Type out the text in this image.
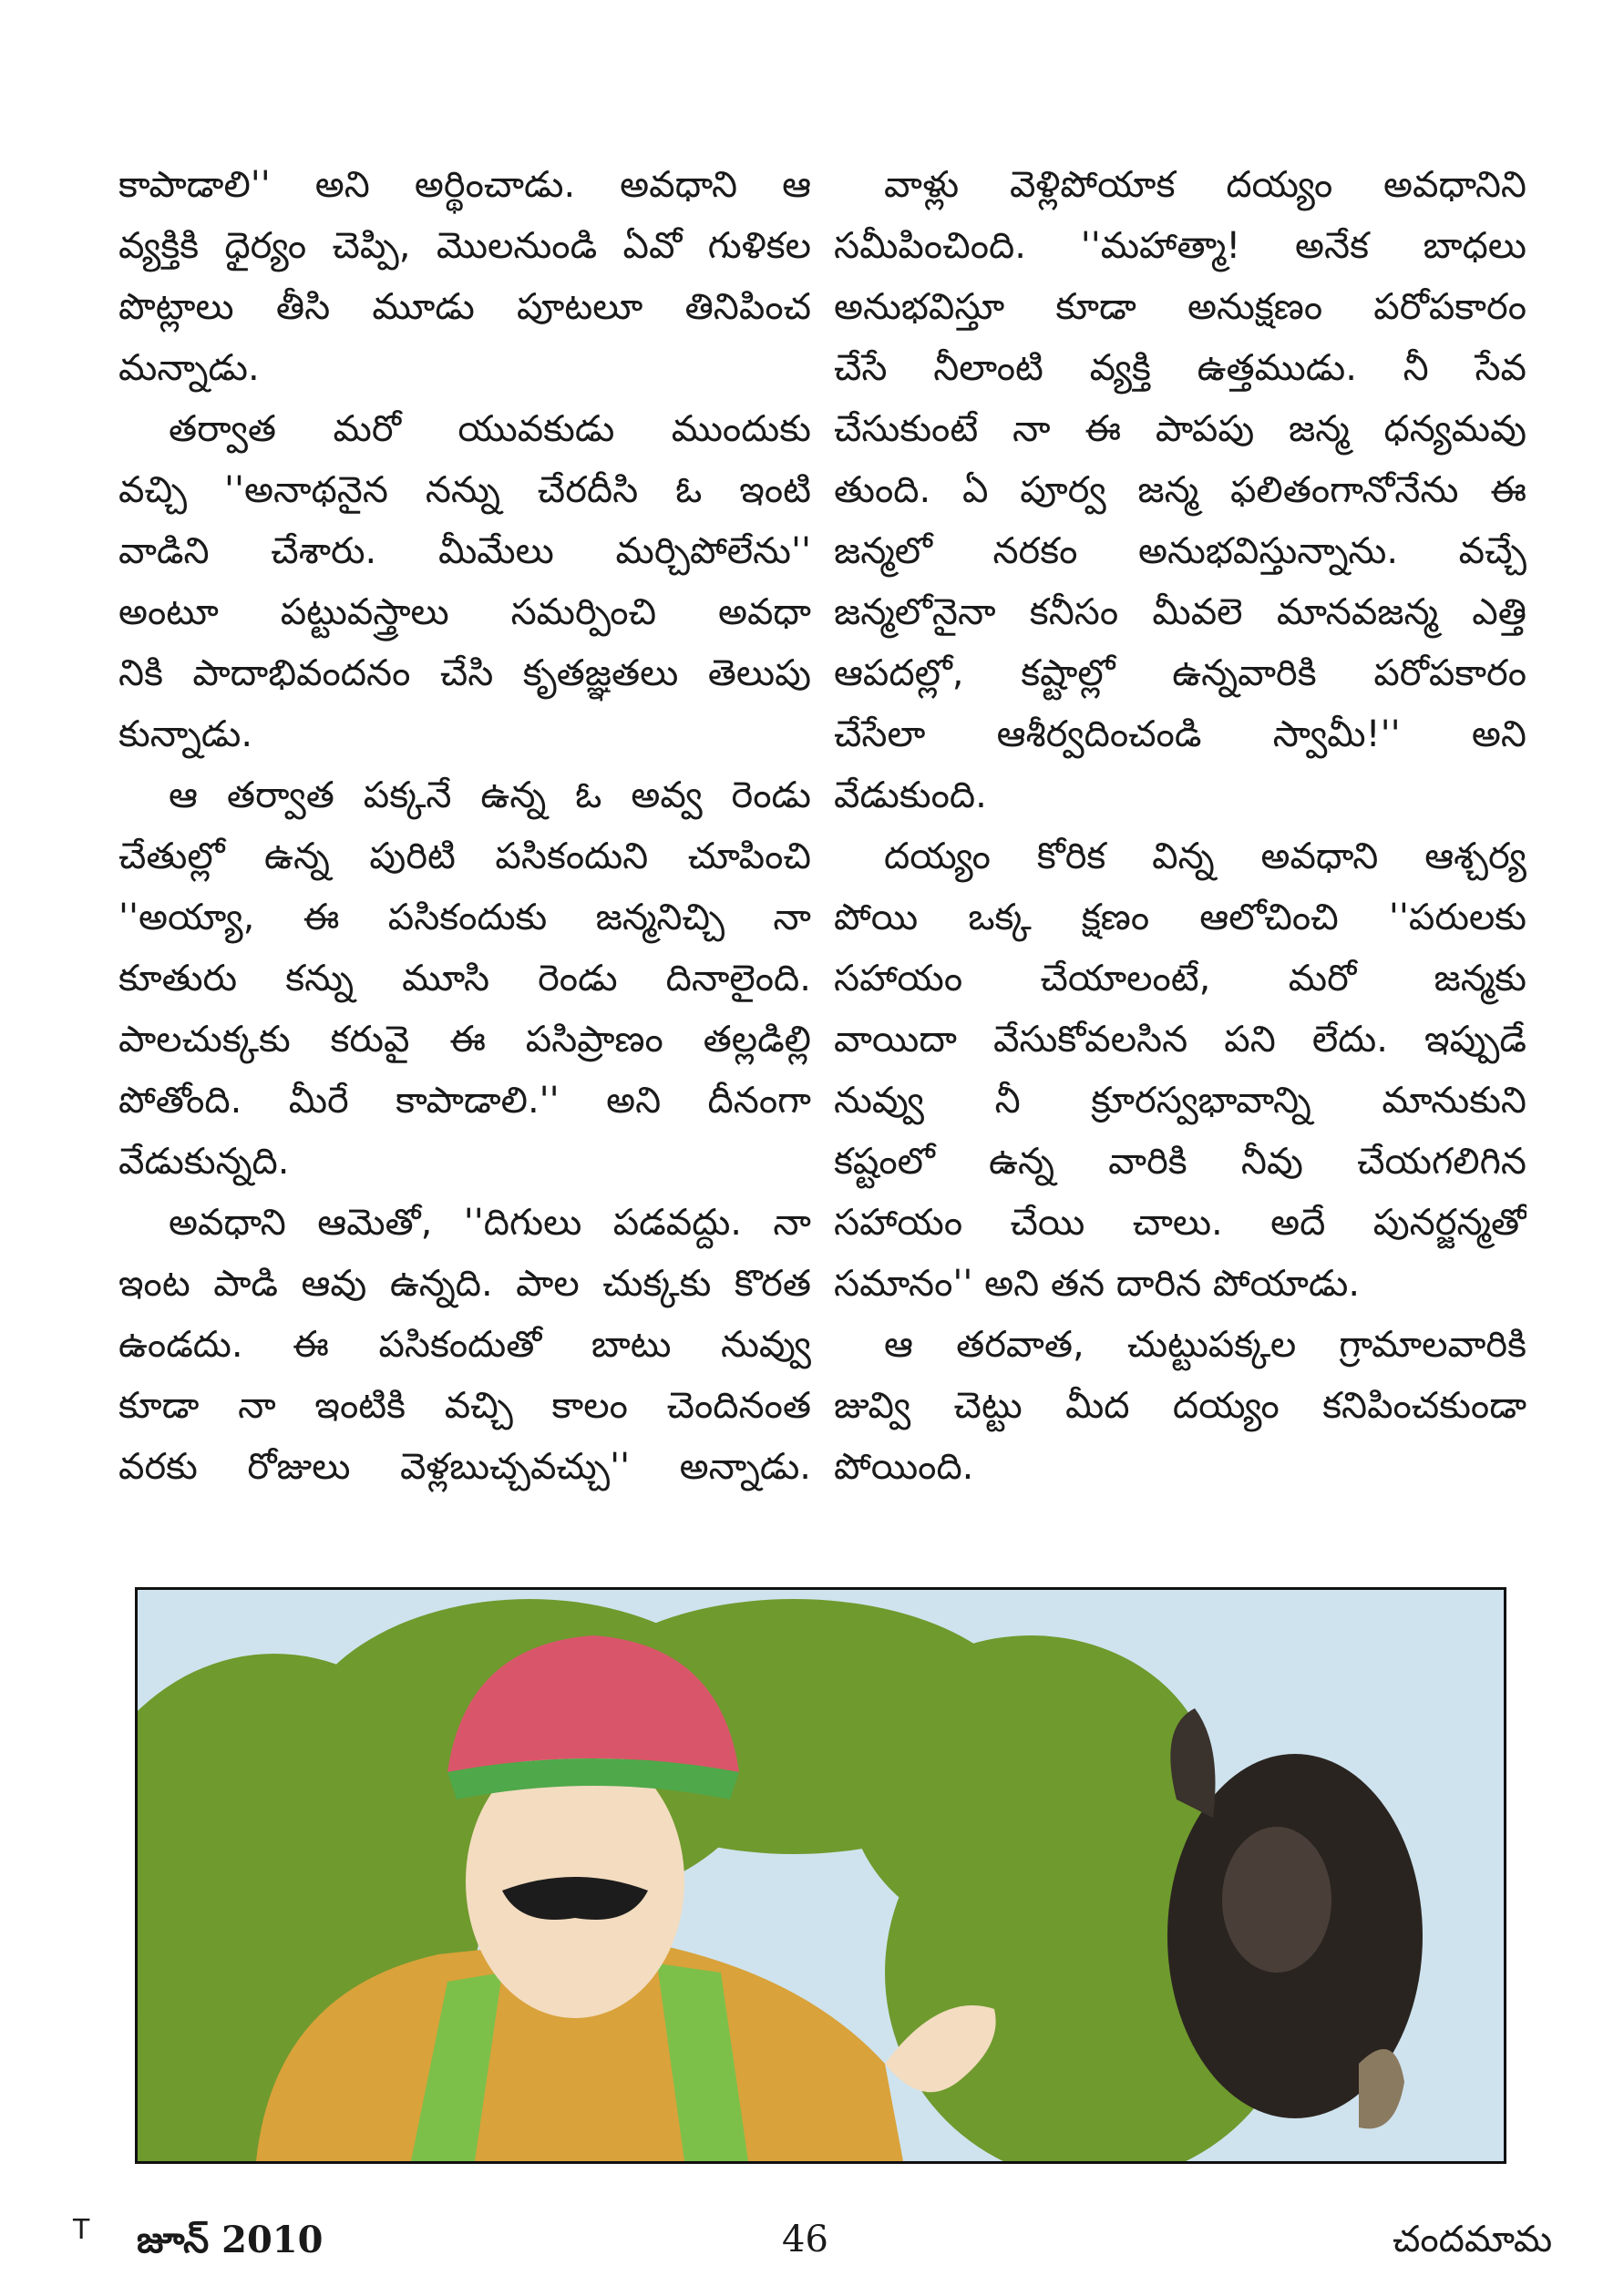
కాపాడాలి'' అని అర్థించాడు. అవధాని ఆ
వ్యక్తికి ధైర్యం చెప్పి, మొలనుండి ఏవో గుళికల
పొట్లాలు తీసి మూడు పూటలూ తినిపించ
మన్నాడు.
తర్వాత మరో యువకుడు ముందుకు
వచ్చి ''అనాథనైన నన్ను చేరదీసి ఓ ఇంటి
వాడిని చేశారు. మీమేలు మర్చిపోలేను''
అంటూ పట్టువస్త్రాలు సమర్పించి అవధా
నికి పాదాభివందనం చేసి కృతజ్ఞతలు తెలుపు
కున్నాడు.
ఆ తర్వాత పక్కనే ఉన్న ఓ అవ్వ రెండు
చేతుల్లో ఉన్న పురిటి పసికందుని చూపించి
''అయ్యా, ఈ పసికందుకు జన్మనిచ్చి నా
కూతురు కన్ను మూసి రెండు దినాలైంది.
పాలచుక్కకు కరువై ఈ పసిప్రాణం తల్లడిల్లి
పోతోంది. మీరే కాపాడాలి.'' అని దీనంగా
వేడుకున్నది.
అవధాని ఆమెతో, ''దిగులు పడవద్దు. నా
ఇంట పాడి ఆవు ఉన్నది. పాల చుక్కకు కొరత
ఉండదు. ఈ పసికందుతో బాటు నువ్వు
కూడా నా ఇంటికి వచ్చి కాలం చెందినంత
వరకు రోజులు వెళ్లబుచ్చవచ్చు'' అన్నాడు.
వాళ్లు వెళ్లిపోయాక దయ్యం అవధానిని
సమీపించింది. ''మహాత్మా! అనేక బాధలు
అనుభవిస్తూ కూడా అనుక్షణం పరోపకారం
చేసే నీలాంటి వ్యక్తి ఉత్తముడు. నీ సేవ
చేసుకుంటే నా ఈ పాపపు జన్మ ధన్యమవు
తుంది. ఏ పూర్వ జన్మ ఫలితంగానోనేను ఈ
జన్మలో నరకం అనుభవిస్తున్నాను. వచ్చే
జన్మలోనైనా కనీసం మీవలె మానవజన్మ ఎత్తి
ఆపదల్లో, కష్టాల్లో ఉన్నవారికి పరోపకారం
చేసేలా ఆశీర్వదించండి స్వామీ!'' అని
వేడుకుంది.
దయ్యం కోరిక విన్న అవధాని ఆశ్చర్య
పోయి ఒక్క క్షణం ఆలోచించి ''పరులకు
సహాయం చేయాలంటే, మరో జన్మకు
వాయిదా వేసుకోవలసిన పని లేదు. ఇప్పుడే
నువ్వు నీ క్రూరస్వభావాన్ని మానుకుని
కష్టంలో ఉన్న వారికి నీవు చేయగలిగిన
సహాయం చేయి చాలు. అదే పునర్జన్మతో
సమానం'' అని తన దారిన పోయాడు.
ఆ తరవాత, చుట్టుపక్కల గ్రామాలవారికి
జువ్వి చెట్టు మీద దయ్యం కనిపించకుండా
పోయింది.
T జూన్ 2010	46	చందమామ
